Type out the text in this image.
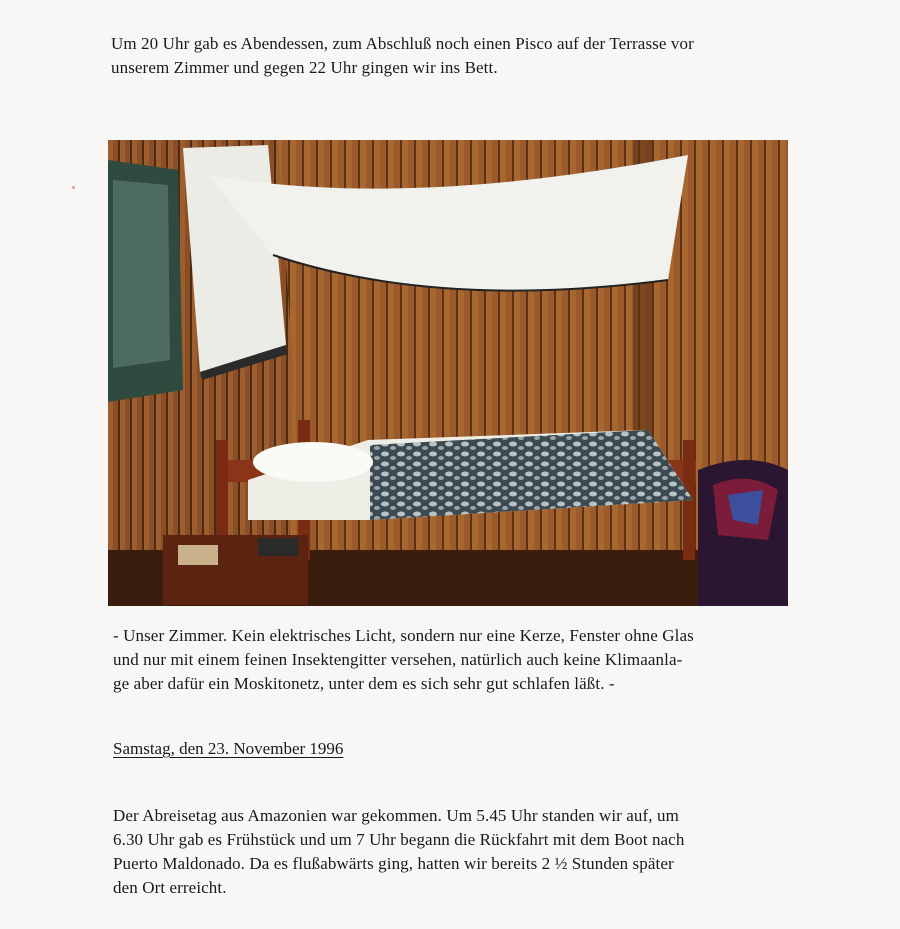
Um 20 Uhr gab es Abendessen, zum Abschluß noch einen Pisco auf der Terrasse vor
unserem Zimmer und gegen 22 Uhr gingen wir ins Bett.
- Unser Zimmer. Kein elektrisches Licht, sondern nur eine Kerze, Fenster ohne Glas
und nur mit einem feinen Insektengitter versehen, natürlich auch keine Klimaanla-
ge aber dafür ein Moskitonetz, unter dem es sich sehr gut schlafen läßt. -
Samstag, den 23. November 1996
Der Abreisetag aus Amazonien war gekommen. Um 5.45 Uhr standen wir auf, um
6.30 Uhr gab es Frühstück und um 7 Uhr begann die Rückfahrt mit dem Boot nach
Puerto Maldonado. Da es flußabwärts ging, hatten wir bereits 2 ½ Stunden später
den Ort erreicht.
